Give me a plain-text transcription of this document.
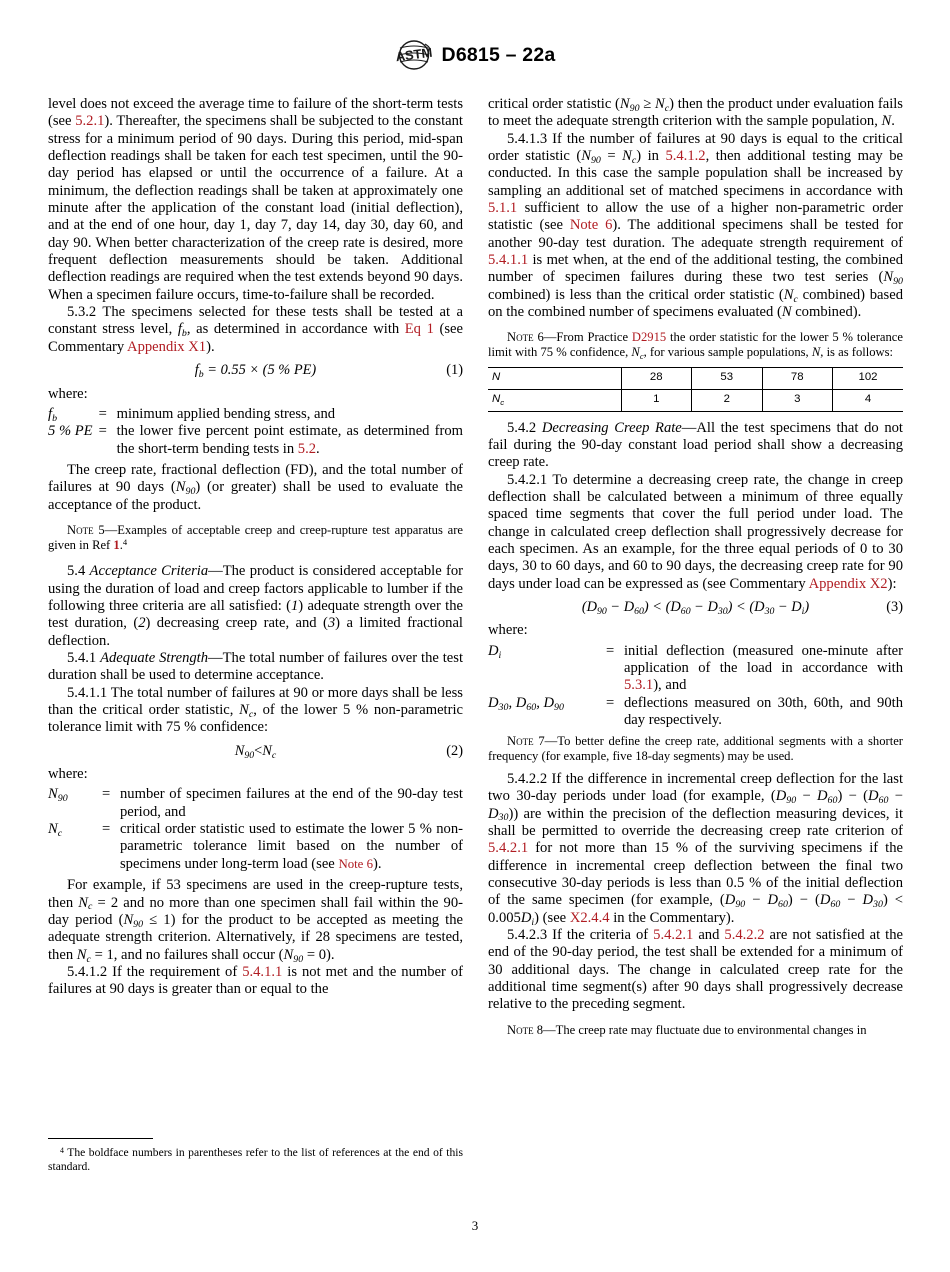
ASTM D6815 – 22a

level does not exceed the average time to failure of the short-term tests (see 5.2.1). Thereafter, the specimens shall be subjected to the constant stress for a minimum period of 90 days. During this period, mid-span deflection readings shall be taken for each test specimen, until the 90-day period has elapsed or until the occurrence of a failure. At a minimum, the deflection readings shall be taken at approximately one minute after the application of the constant load (initial deflection), and at the end of one hour, day 1, day 7, day 14, day 30, day 60, and day 90. When better characterization of the creep rate is desired, more frequent deflection measurements should be taken. Additional deflection readings are required when the test extends beyond 90 days. When a specimen failure occurs, time-to-failure shall be recorded.

5.3.2 The specimens selected for these tests shall be tested at a constant stress level, $f_b$, as determined in accordance with Eq 1 (see Commentary Appendix X1).

$f_b = 0.55 \times (5$ % PE)	(1)

where:

$f_b$	=	minimum applied bending stress, and
5 % PE	=	the lower five percent point estimate, as determined from the short-term bending tests in 5.2.

The creep rate, fractional deflection (FD), and the total number of failures at 90 days $(N_{90})$ (or greater) shall be used to evaluate the acceptance of the product.

Note 5—Examples of acceptable creep and creep-rupture test apparatus are given in Ref 1.$^4$

5.4 Acceptance Criteria—The product is considered acceptable for using the duration of load and creep factors applicable to lumber if the following three criteria are all satisfied: (1) adequate strength over the test duration, (2) decreasing creep rate, and (3) a limited fractional deflection.

5.4.1 Adequate Strength—The total number of failures over the test duration shall be used to determine acceptance.

5.4.1.1 The total number of failures at 90 or more days shall be less than the critical order statistic, $N_c$, of the lower 5 % non-parametric tolerance limit with 75 % confidence:

$N_{90}<N_c$	(2)

where:

$N_{90}$	=	number of specimen failures at the end of the 90-day test period, and
$N_c$	=	critical order statistic used to estimate the lower 5 % non-parametric tolerance limit based on the number of specimens under long-term load (see Note 6).

For example, if 53 specimens are used in the creep-rupture tests, then $N_c = 2$ and no more than one specimen shall fail within the 90-day period $(N_{90} \le 1)$ for the product to be accepted as meeting the adequate strength criterion. Alternatively, if 28 specimens are tested, then $N_c = 1$, and no failures shall occur $(N_{90} = 0)$.

5.4.1.2 If the requirement of 5.4.1.1 is not met and the number of failures at 90 days is greater than or equal to the

critical order statistic $(N_{90} \ge N_c)$ then the product under evaluation fails to meet the adequate strength criterion with the sample population, N.

5.4.1.3 If the number of failures at 90 days is equal to the critical order statistic $(N_{90} = N_c)$ in 5.4.1.2, then additional testing may be conducted. In this case the sample population shall be increased by sampling an additional set of matched specimens in accordance with 5.1.1 sufficient to allow the use of a higher non-parametric order statistic (see Note 6). The additional specimens shall be tested for another 90-day test duration. The adequate strength requirement of 5.4.1.1 is met when, at the end of the additional testing, the combined number of specimen failures during these two test series ($N_{90}$ combined) is less than the critical order statistic ($N_c$ combined) based on the combined number of specimens evaluated (N combined).

Note 6—From Practice D2915 the order statistic for the lower 5 % tolerance limit with 75 % confidence, $N_c$, for various sample populations, N, is as follows:

N	28	53	78	102
$N_c$	1	2	3	4

5.4.2 Decreasing Creep Rate—All the test specimens that do not fail during the 90-day constant load period shall show a decreasing creep rate.

5.4.2.1 To determine a decreasing creep rate, the change in creep deflection shall be calculated between a minimum of three equally spaced time segments that cover the full period under load. The change in calculated creep deflection shall progressively decrease for each specimen. As an example, for the three equal periods of 0 to 30 days, 30 to 60 days, and 60 to 90 days, the decreasing creep rate for 90 days under load can be expressed as (see Commentary Appendix X2):

$(D_{90} - D_{60}) < (D_{60} - D_{30}) < (D_{30} - D_i)$	(3)

where:

$D_i$	=	initial deflection (measured one-minute after application of the load in accordance with 5.3.1), and
$D_{30}$, $D_{60}$, $D_{90}$	=	deflections measured on 30th, 60th, and 90th day respectively.

Note 7—To better define the creep rate, additional segments with a shorter frequency (for example, five 18-day segments) may be used.

5.4.2.2 If the difference in incremental creep deflection for the last two 30-day periods under load (for example, $(D_{90} - D_{60}) - (D_{60} - D_{30})$) are within the precision of the deflection measuring devices, it shall be permitted to override the decreasing creep rate criterion of 5.4.2.1 for not more than 15 % of the surviving specimens if the difference in incremental creep deflection between the final two consecutive 30-day periods is less than 0.5 % of the initial deflection of the same specimen (for example, $(D_{90} - D_{60}) - (D_{60} - D_{30}) < 0.005D_i$) (see X2.4.4 in the Commentary).

5.4.2.3 If the criteria of 5.4.2.1 and 5.4.2.2 are not satisfied at the end of the 90-day period, the test shall be extended for a minimum of 30 additional days. The change in calculated creep rate for the additional time segment(s) after 90 days shall progressively decrease relative to the preceding segment.

Note 8—The creep rate may fluctuate due to environmental changes in

$^4$ The boldface numbers in parentheses refer to the list of references at the end of this standard.
3
